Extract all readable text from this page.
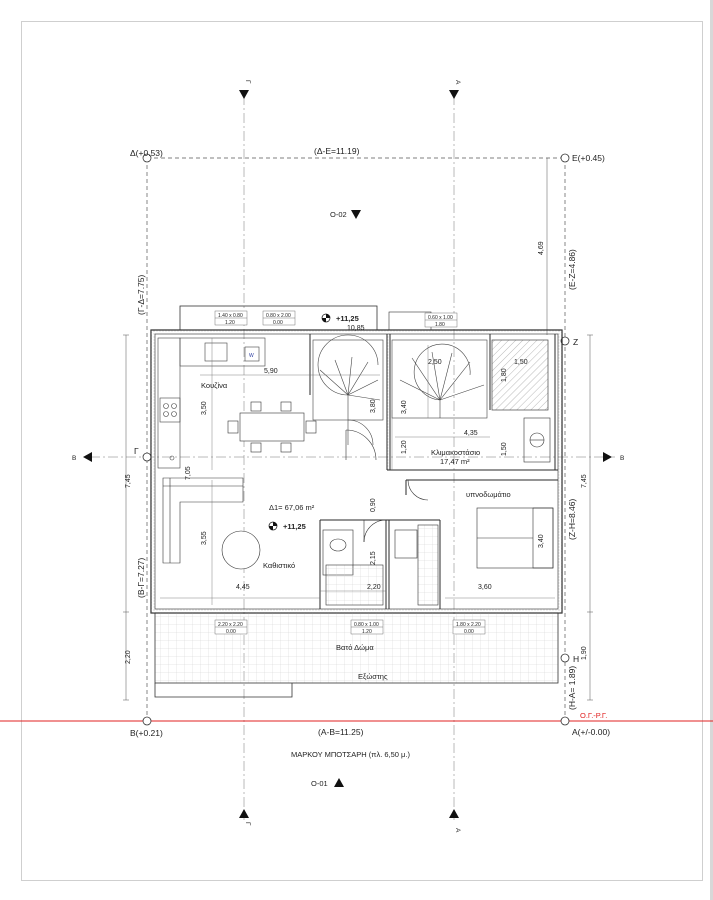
Δ(+0.53)	Ε(+0.45)
Β(+0.21)	Α(+/-0.00)
Ζ
Η
Γ
(Δ-Ε=11.19)
(Α-Β=11.25)
(Γ-Δ=7.75)
(Β-Γ=7.27)
(Ε-Ζ=4.86)
(Ζ-Η=8.46)
(Η-Α= 1.89)
7,45
2,20
7,45
1,90
4,69
Γ	Α
Γ
Α
Β	Β
Ο-02
Ο-01
1.40 x 0.80
1.20
0.80 x 2.00
0.00
0.60 x 1.00
1.80
+11,25
10,85
W
2.20 x 2.20
0.00
0.80 x 1.00
1.20
1.80 x 2.20
0.00
Κουζίνα
Καθιστικό
Κλιμακοστάσιο
17,47 m²
υπνοδωμάτιο
Δ1= 67,06 m²
Βατό Δώμα
Εξώστης
+11,25
5,90
3,50	3,80
2,50	1,50
1,80
3,40
1,20
4,35
1,50
7,05
0,90
3,55
2,15
3,40
4,45	2,20	3,60
Ο.Γ.-Ρ.Γ.
ΜΑΡΚΟΥ ΜΠΟΤΣΑΡΗ (πλ. 6,50 μ.)
